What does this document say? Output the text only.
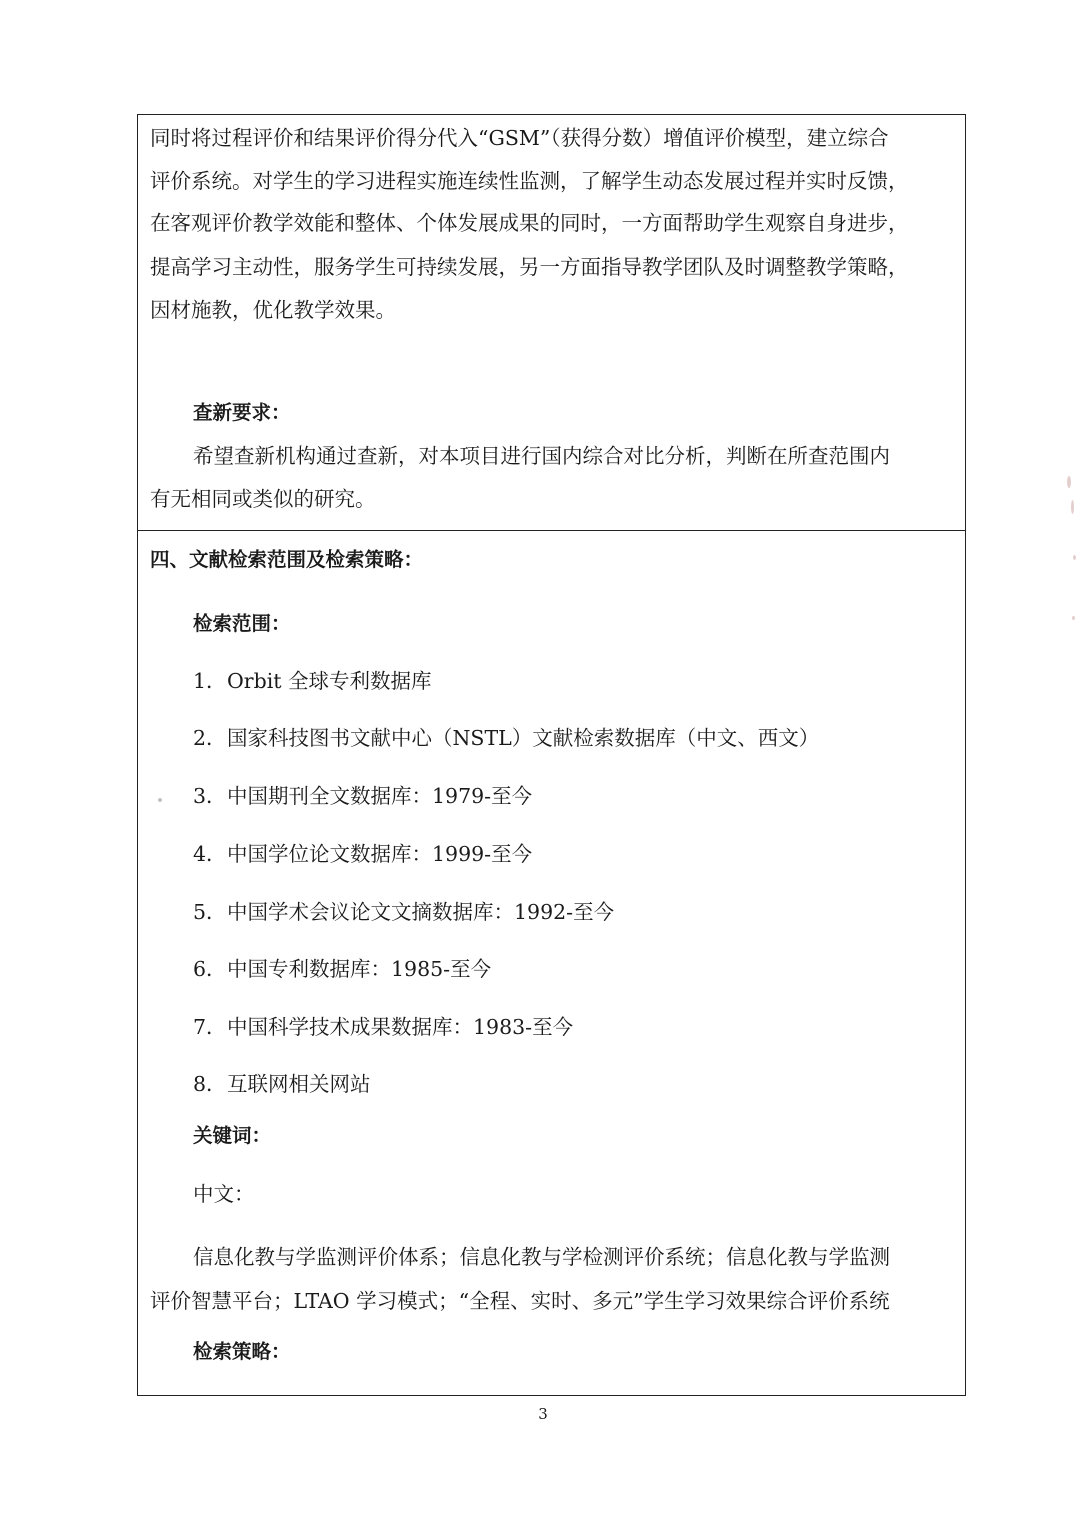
同时将过程评价和结果评价得分代入“GSM”（获得分数）增值评价模型，建立综合
评价系统。对学生的学习进程实施连续性监测，了解学生动态发展过程并实时反馈，
在客观评价教学效能和整体、个体发展成果的同时，一方面帮助学生观察自身进步，
提高学习主动性，服务学生可持续发展，另一方面指导教学团队及时调整教学策略，
因材施教，优化教学效果。
查新要求：
希望查新机构通过查新，对本项目进行国内综合对比分析，判断在所查范围内
有无相同或类似的研究。
四、文献检索范围及检索策略：
检索范围：
1．Orbit 全球专利数据库
2．国家科技图书文献中心（NSTL）文献检索数据库（中文、西文）
3．中国期刊全文数据库：1979-至今
4．中国学位论文数据库：1999-至今
5．中国学术会议论文文摘数据库：1992-至今
6．中国专利数据库：1985-至今
7．中国科学技术成果数据库：1983-至今
8．互联网相关网站
关键词：
中文：
信息化教与学监测评价体系；信息化教与学检测评价系统；信息化教与学监测
评价智慧平台；LTAO 学习模式；“全程、实时、多元”学生学习效果综合评价系统
检索策略：
3
